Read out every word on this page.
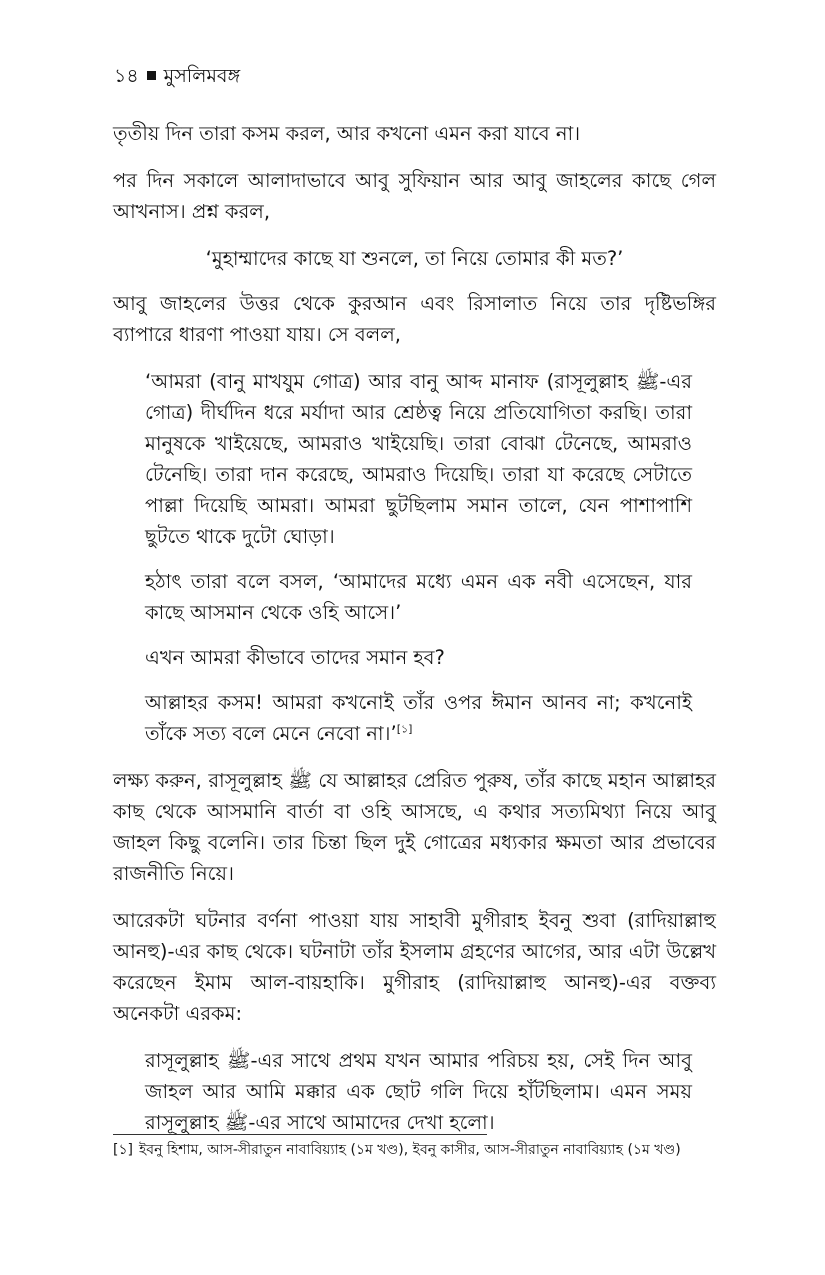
১৪ মুসলিমবঙ্গ

তৃতীয় দিন তারা কসম করল, আর কখনো এমন করা যাবে না।

পর দিন সকালে আলাদাভাবে আবু সুফিয়ান আর আবু জাহলের কাছে গেল আখনাস। প্রশ্ন করল,

‘মুহাম্মাদের কাছে যা শুনলে, তা নিয়ে তোমার কী মত?’

আবু জাহলের উত্তর থেকে কুরআন এবং রিসালাত নিয়ে তার দৃষ্টিভঙ্গির ব্যাপারে ধারণা পাওয়া যায়। সে বলল,

‘আমরা (বানু মাখযুম গোত্র) আর বানু আব্দ মানাফ (রাসূলুল্লাহ ﷺ-এর গোত্র) দীর্ঘদিন ধরে মর্যাদা আর শ্রেষ্ঠত্ব নিয়ে প্রতিযোগিতা করছি। তারা মানুষকে খাইয়েছে, আমরাও খাইয়েছি। তারা বোঝা টেনেছে, আমরাও টেনেছি। তারা দান করেছে, আমরাও দিয়েছি। তারা যা করেছে সেটাতে পাল্লা দিয়েছি আমরা। আমরা ছুটছিলাম সমান তালে, যেন পাশাপাশি ছুটতে থাকে দুটো ঘোড়া।

হঠাৎ তারা বলে বসল, ‘আমাদের মধ্যে এমন এক নবী এসেছেন, যার কাছে আসমান থেকে ওহি আসে।’

এখন আমরা কীভাবে তাদের সমান হব?

আল্লাহর কসম! আমরা কখনোই তাঁর ওপর ঈমান আনব না; কখনোই তাঁকে সত্য বলে মেনে নেবো না।’[১]

লক্ষ্য করুন, রাসূলুল্লাহ ﷺ যে আল্লাহর প্রেরিত পুরুষ, তাঁর কাছে মহান আল্লাহর কাছ থেকে আসমানি বার্তা বা ওহি আসছে, এ কথার সত্যমিথ্যা নিয়ে আবু জাহল কিছু বলেনি। তার চিন্তা ছিল দুই গোত্রের মধ্যকার ক্ষমতা আর প্রভাবের রাজনীতি নিয়ে।

আরেকটা ঘটনার বর্ণনা পাওয়া যায় সাহাবী মুগীরাহ ইবনু শুবা (রাদিয়াল্লাহু আনহু)-এর কাছ থেকে। ঘটনাটা তাঁর ইসলাম গ্রহণের আগের, আর এটা উল্লেখ করেছেন ইমাম আল-বায়হাকি। মুগীরাহ (রাদিয়াল্লাহু আনহু)-এর বক্তব্য অনেকটা এরকম:

রাসূলুল্লাহ ﷺ-এর সাথে প্রথম যখন আমার পরিচয় হয়, সেই দিন আবু জাহল আর আমি মক্কার এক ছোট গলি দিয়ে হাঁটছিলাম। এমন সময় রাসূলুল্লাহ ﷺ-এর সাথে আমাদের দেখা হলো।

[১] ইবনু হিশাম, আস-সীরাতুন নাবাবিয়্যাহ (১ম খণ্ড), ইবনু কাসীর, আস-সীরাতুন নাবাবিয়্যাহ (১ম খণ্ড)
